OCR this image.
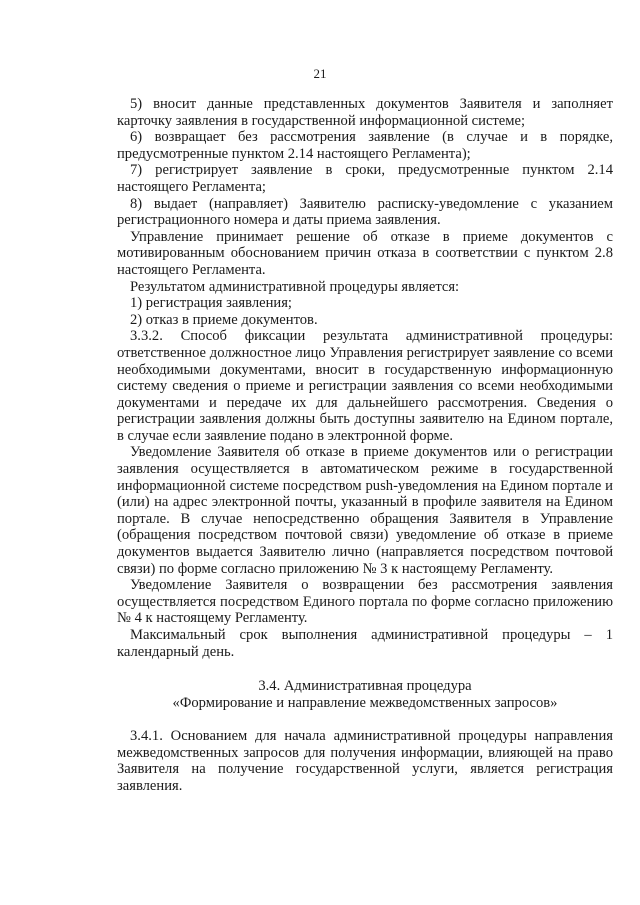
21

5) вносит данные представленных документов Заявителя и заполняет карточку заявления в государственной информационной системе;

6) возвращает без рассмотрения заявление (в случае и в порядке, предусмотренные пунктом 2.14 настоящего Регламента);

7) регистрирует заявление в сроки, предусмотренные пунктом 2.14 настоящего Регламента;

8) выдает (направляет) Заявителю расписку-уведомление с указанием регистрационного номера и даты приема заявления.

Управление принимает решение об отказе в приеме документов с мотивированным обоснованием причин отказа в соответствии с пунктом 2.8 настоящего Регламента.

Результатом административной процедуры является:

1) регистрация заявления;

2) отказ в приеме документов.

3.3.2. Способ фиксации результата административной процедуры: ответственное должностное лицо Управления регистрирует заявление со всеми необходимыми документами, вносит в государственную информационную систему сведения о приеме и регистрации заявления со всеми необходимыми документами и передаче их для дальнейшего рассмотрения. Сведения о регистрации заявления должны быть доступны заявителю на Едином портале, в случае если заявление подано в электронной форме.

Уведомление Заявителя об отказе в приеме документов или о регистрации заявления осуществляется в автоматическом режиме в государственной информационной системе посредством push-уведомления на Едином портале и (или) на адрес электронной почты, указанный в профиле заявителя на Едином портале. В случае непосредственно обращения Заявителя в Управление (обращения посредством почтовой связи) уведомление об отказе в приеме документов выдается Заявителю лично (направляется посредством почтовой связи) по форме согласно приложению № 3 к настоящему Регламенту.

Уведомление Заявителя о возвращении без рассмотрения заявления осуществляется посредством Единого портала по форме согласно приложению № 4 к настоящему Регламенту.

Максимальный срок выполнения административной процедуры – 1 календарный день.

3.4. Административная процедура
«Формирование и направление межведомственных запросов»

3.4.1. Основанием для начала административной процедуры направления межведомственных запросов для получения информации, влияющей на право Заявителя на получение государственной услуги, является регистрация заявления.
